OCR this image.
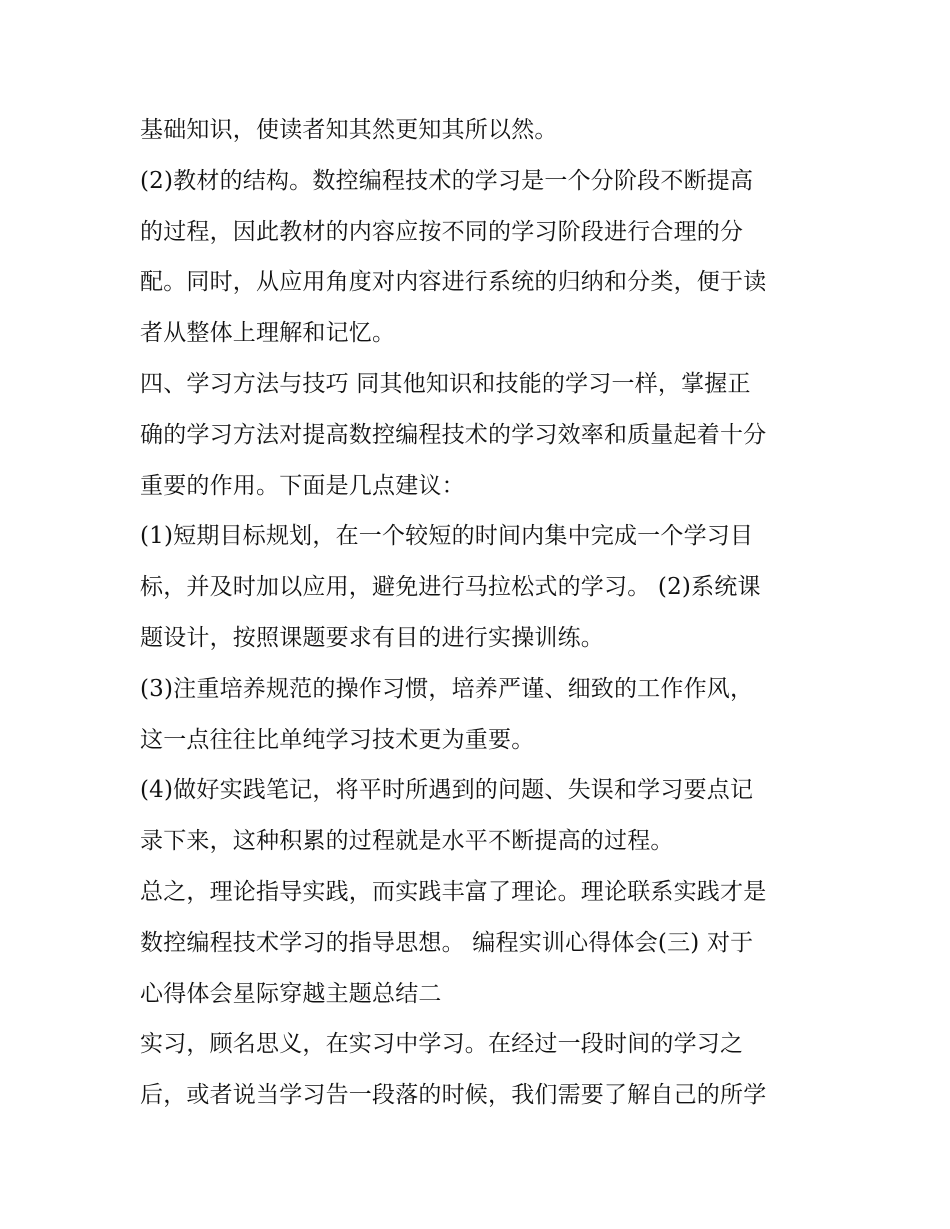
基础知识，使读者知其然更知其所以然。
(2)教材的结构。数控编程技术的学习是一个分阶段不断提高
的过程，因此教材的内容应按不同的学习阶段进行合理的分
配。同时，从应用角度对内容进行系统的归纳和分类，便于读
者从整体上理解和记忆。
四、学习方法与技巧 同其他知识和技能的学习一样，掌握正
确的学习方法对提高数控编程技术的学习效率和质量起着十分
重要的作用。下面是几点建议：
(1)短期目标规划，在一个较短的时间内集中完成一个学习目
标，并及时加以应用，避免进行马拉松式的学习。 (2)系统课
题设计，按照课题要求有目的进行实操训练。
(3)注重培养规范的操作习惯，培养严谨、细致的工作作风，
这一点往往比单纯学习技术更为重要。
(4)做好实践笔记，将平时所遇到的问题、失误和学习要点记
录下来，这种积累的过程就是水平不断提高的过程。
总之，理论指导实践，而实践丰富了理论。理论联系实践才是
数控编程技术学习的指导思想。 编程实训心得体会(三) 对于
心得体会星际穿越主题总结二
实习，顾名思义，在实习中学习。在经过一段时间的学习之
后，或者说当学习告一段落的时候，我们需要了解自己的所学
